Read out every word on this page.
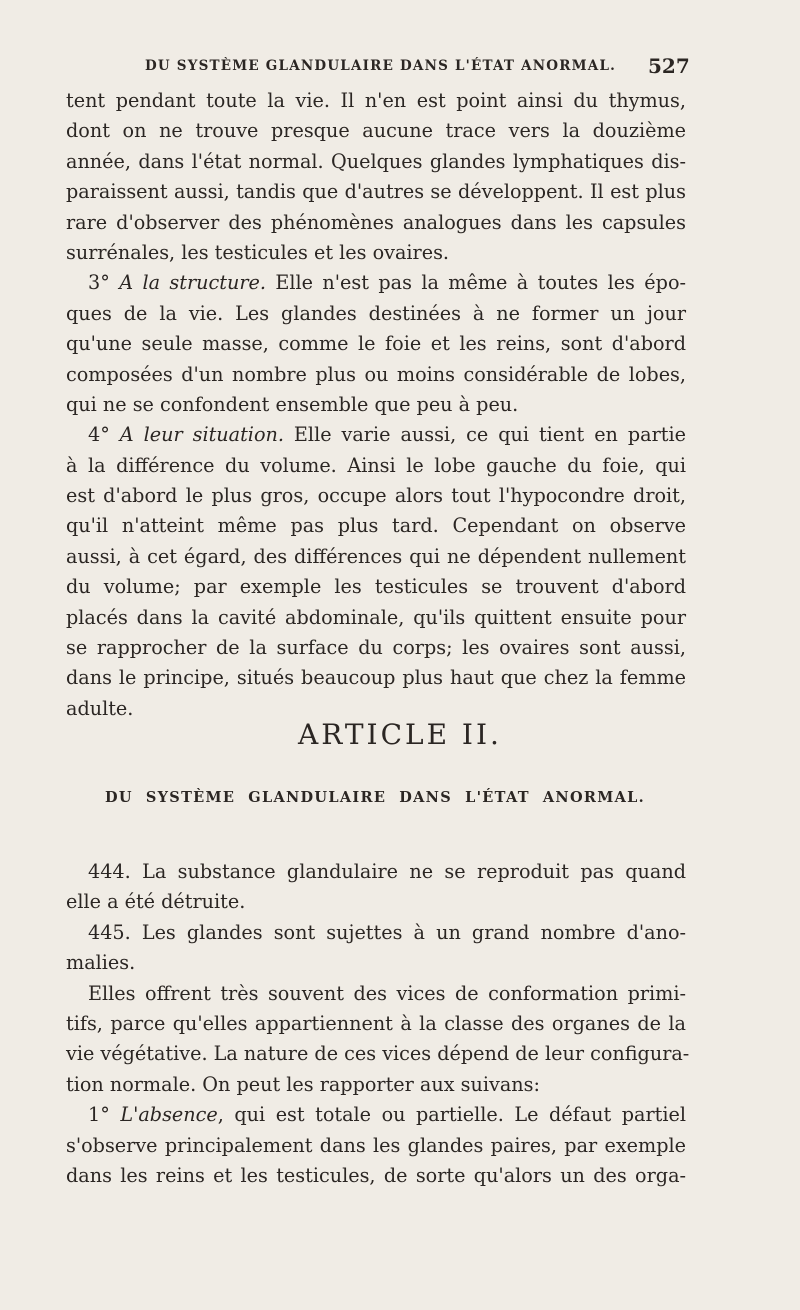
DU SYSTÈME GLANDULAIRE DANS L'ÉTAT ANORMAL.	527
tent pendant toute la vie. Il n'en est point ainsi du thymus,
dont on ne trouve presque aucune trace vers la douzième
année, dans l'état normal. Quelques glandes lymphatiques dis-
paraissent aussi, tandis que d'autres se développent. Il est plus
rare d'observer des phénomènes analogues dans les capsules
surrénales, les testicules et les ovaires.
3° A la structure. Elle n'est pas la même à toutes les épo-
ques de la vie. Les glandes destinées à ne former un jour
qu'une seule masse, comme le foie et les reins, sont d'abord
composées d'un nombre plus ou moins considérable de lobes,
qui ne se confondent ensemble que peu à peu.
4° A leur situation. Elle varie aussi, ce qui tient en partie
à la différence du volume. Ainsi le lobe gauche du foie, qui
est d'abord le plus gros, occupe alors tout l'hypocondre droit,
qu'il n'atteint même pas plus tard. Cependant on observe
aussi, à cet égard, des différences qui ne dépendent nullement
du volume; par exemple les testicules se trouvent d'abord
placés dans la cavité abdominale, qu'ils quittent ensuite pour
se rapprocher de la surface du corps; les ovaires sont aussi,
dans le principe, situés beaucoup plus haut que chez la femme
adulte.
ARTICLE II.
DU SYSTÈME GLANDULAIRE DANS L'ÉTAT ANORMAL.
444. La substance glandulaire ne se reproduit pas quand
elle a été détruite.
445. Les glandes sont sujettes à un grand nombre d'ano-
malies.
Elles offrent très souvent des vices de conformation primi-
tifs, parce qu'elles appartiennent à la classe des organes de la
vie végétative. La nature de ces vices dépend de leur configura-
tion normale. On peut les rapporter aux suivans:
1° L'absence, qui est totale ou partielle. Le défaut partiel
s'observe principalement dans les glandes paires, par exemple
dans les reins et les testicules, de sorte qu'alors un des orga-
